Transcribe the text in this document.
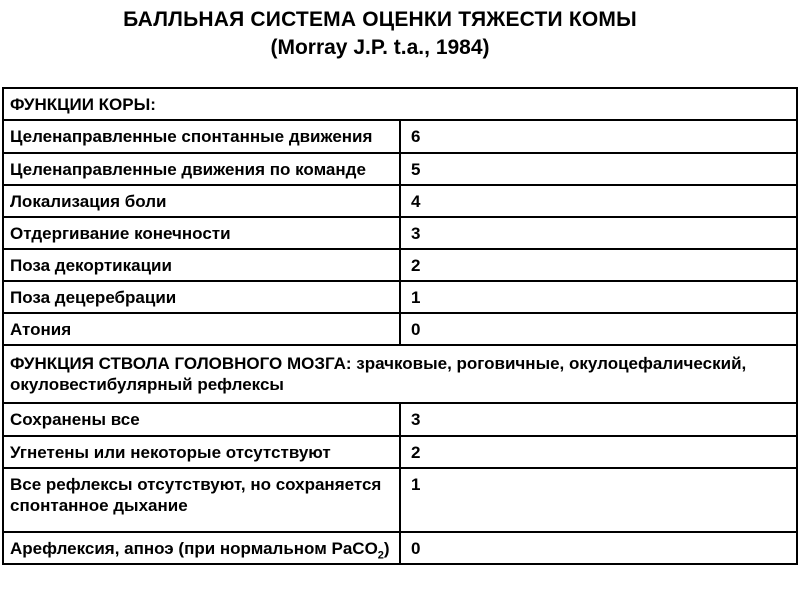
БАЛЛЬНАЯ СИСТЕМА ОЦЕНКИ ТЯЖЕСТИ КОМЫ
(Morray J.P. t.a., 1984)
ФУНКЦИИ КОРЫ:	
Целенаправленные спонтанные движения	6
Целенаправленные движения по команде	5
Локализация боли	4
Отдергивание конечности	3
Поза декортикации	2
Поза децеребрации	1
Атония	0
ФУНКЦИЯ СТВОЛА ГОЛОВНОГО МОЗГА: зрачковые, роговичные, окулоцефалический, окуловестибулярный рефлексы	
Сохранены все	3
Угнетены или некоторые отсутствуют	2
Все рефлексы отсутствуют, но сохраняется спонтанное дыхание	1
Арефлексия, апноэ (при нормальном PaCO$_2$)	0
